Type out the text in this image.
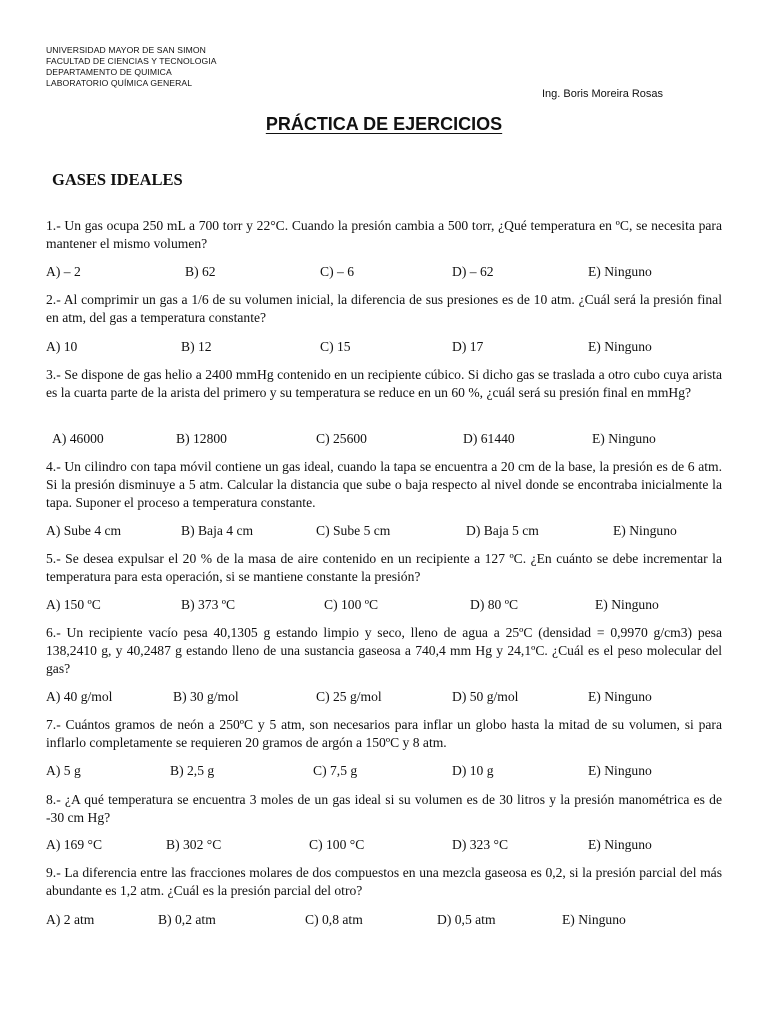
UNIVERSIDAD MAYOR DE SAN SIMON
FACULTAD DE CIENCIAS Y TECNOLOGIA
DEPARTAMENTO DE QUIMICA
LABORATORIO QUÍMICA GENERAL
Ing. Boris Moreira Rosas
PRÁCTICA DE EJERCICIOS
GASES IDEALES
1.- Un gas ocupa 250 mL a 700 torr y 22°C. Cuando la presión cambia a 500 torr, ¿Qué temperatura en ºC, se necesita para mantener el mismo volumen?
A) – 2	B) 62	C) – 6	D) – 62	E) Ninguno
2.- Al comprimir un gas a 1/6 de su volumen inicial, la diferencia de sus presiones es de 10 atm. ¿Cuál será la presión final en atm, del gas a temperatura constante?
A) 10	B) 12	C) 15	D) 17	E) Ninguno
3.- Se dispone de gas helio a 2400 mmHg contenido en un recipiente cúbico. Si dicho gas se traslada a otro cubo cuya arista es la cuarta parte de la arista del primero y su temperatura se reduce en un 60 %, ¿cuál será su presión final en mmHg?
A) 46000	B) 12800	C) 25600	D) 61440	E) Ninguno
4.- Un cilindro con tapa móvil contiene un gas ideal, cuando la tapa se encuentra a 20 cm de la base, la presión es de 6 atm. Si la presión disminuye a 5 atm. Calcular la distancia que sube o baja respecto al nivel donde se encontraba inicialmente la tapa. Suponer el proceso a temperatura constante.
A) Sube 4 cm	B) Baja 4 cm	C) Sube 5 cm	D) Baja 5 cm	E) Ninguno
5.- Se desea expulsar el 20 % de la masa de aire contenido en un recipiente a 127 ºC. ¿En cuánto se debe incrementar la temperatura para esta operación, si se mantiene constante la presión?
A) 150 ºC	B) 373 ºC	C) 100 ºC	D) 80 ºC	E) Ninguno
6.- Un recipiente vacío pesa 40,1305 g estando limpio y seco, lleno de agua a 25ºC (densidad = 0,9970 g/cm3) pesa 138,2410 g, y 40,2487 g estando lleno de una sustancia gaseosa a 740,4 mm Hg y 24,1ºC. ¿Cuál es el peso molecular del gas?
A) 40 g/mol	B) 30 g/mol	C) 25 g/mol	D) 50 g/mol	E) Ninguno
7.- Cuántos gramos de neón a 250ºC y 5 atm, son necesarios para inflar un globo hasta la mitad de su volumen, si para inflarlo completamente se requieren 20 gramos de argón a 150ºC y 8 atm.
A) 5 g	B) 2,5 g	C) 7,5 g	D) 10 g	E) Ninguno
8.- ¿A qué temperatura se encuentra 3 moles de un gas ideal si su volumen es de 30 litros y la presión manométrica es de -30 cm Hg?
A) 169 °C	B) 302 °C	C) 100 °C	D) 323 °C	E) Ninguno
9.- La diferencia entre las fracciones molares de dos compuestos en una mezcla gaseosa es 0,2, si la presión parcial del más abundante es 1,2 atm. ¿Cuál es la presión parcial del otro?
A) 2 atm	B) 0,2 atm	C) 0,8 atm	D) 0,5 atm	E) Ninguno
